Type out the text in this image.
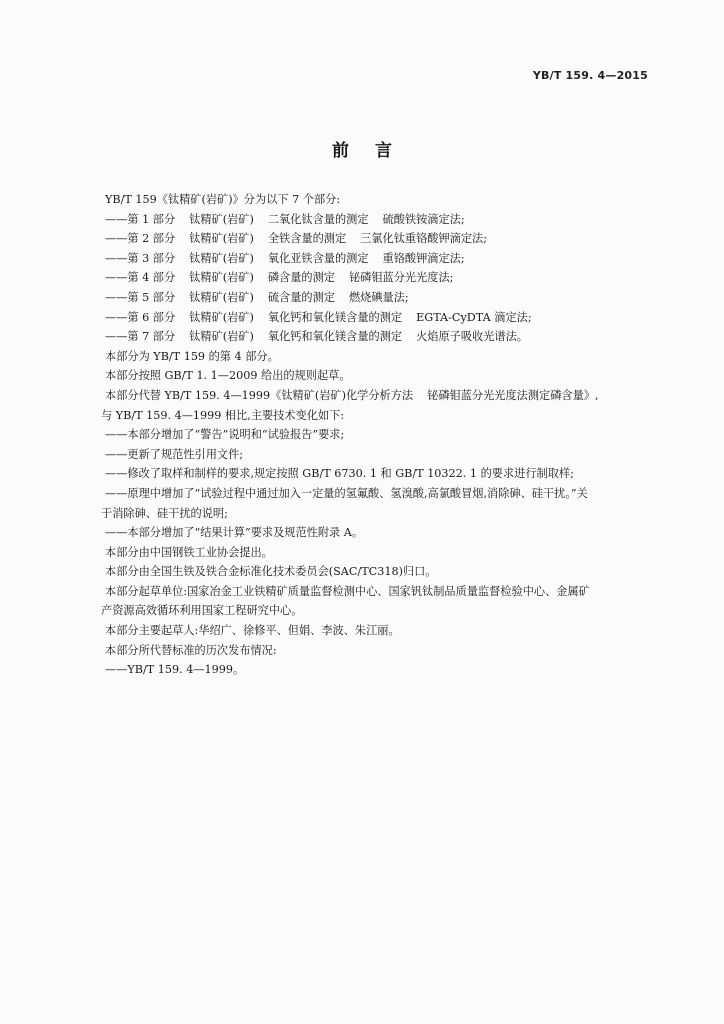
YB/T 159. 4—2015
前言
YB/T 159《钛精矿(岩矿)》分为以下 7 个部分:
——第 1 部分 钛精矿(岩矿) 二氧化钛含量的测定 硫酸铁铵滴定法;
——第 2 部分 钛精矿(岩矿) 全铁含量的测定 三氯化钛重铬酸钾滴定法;
——第 3 部分 钛精矿(岩矿) 氧化亚铁含量的测定 重铬酸钾滴定法;
——第 4 部分 钛精矿(岩矿) 磷含量的测定 铋磷钼蓝分光光度法;
——第 5 部分 钛精矿(岩矿) 硫含量的测定 燃烧碘量法;
——第 6 部分 钛精矿(岩矿) 氧化钙和氧化镁含量的测定 EGTA-CyDTA 滴定法;
——第 7 部分 钛精矿(岩矿) 氧化钙和氧化镁含量的测定 火焰原子吸收光谱法。
本部分为 YB/T 159 的第 4 部分。
本部分按照 GB/T 1. 1—2009 给出的规则起草。
本部分代替 YB/T 159. 4—1999《钛精矿(岩矿)化学分析方法 铋磷钼蓝分光光度法测定磷含量》,
与 YB/T 159. 4—1999 相比,主要技术变化如下:
——本部分增加了“警告”说明和“试验报告”要求;
——更新了规范性引用文件;
——修改了取样和制样的要求,规定按照 GB/T 6730. 1 和 GB/T 10322. 1 的要求进行制取样;
——原理中增加了“试验过程中通过加入一定量的氢氟酸、氢溴酸,高氯酸冒烟,消除砷、硅干扰。”关
于消除砷、硅干扰的说明;
——本部分增加了“结果计算”要求及规范性附录 A。
本部分由中国钢铁工业协会提出。
本部分由全国生铁及铁合金标准化技术委员会(SAC/TC318)归口。
本部分起草单位:国家冶金工业铁精矿质量监督检测中心、国家钒钛制品质量监督检验中心、金属矿
产资源高效循环利用国家工程研究中心。
本部分主要起草人:华绍广、徐修平、但娟、李波、朱江丽。
本部分所代替标准的历次发布情况:
——YB/T 159. 4—1999。
